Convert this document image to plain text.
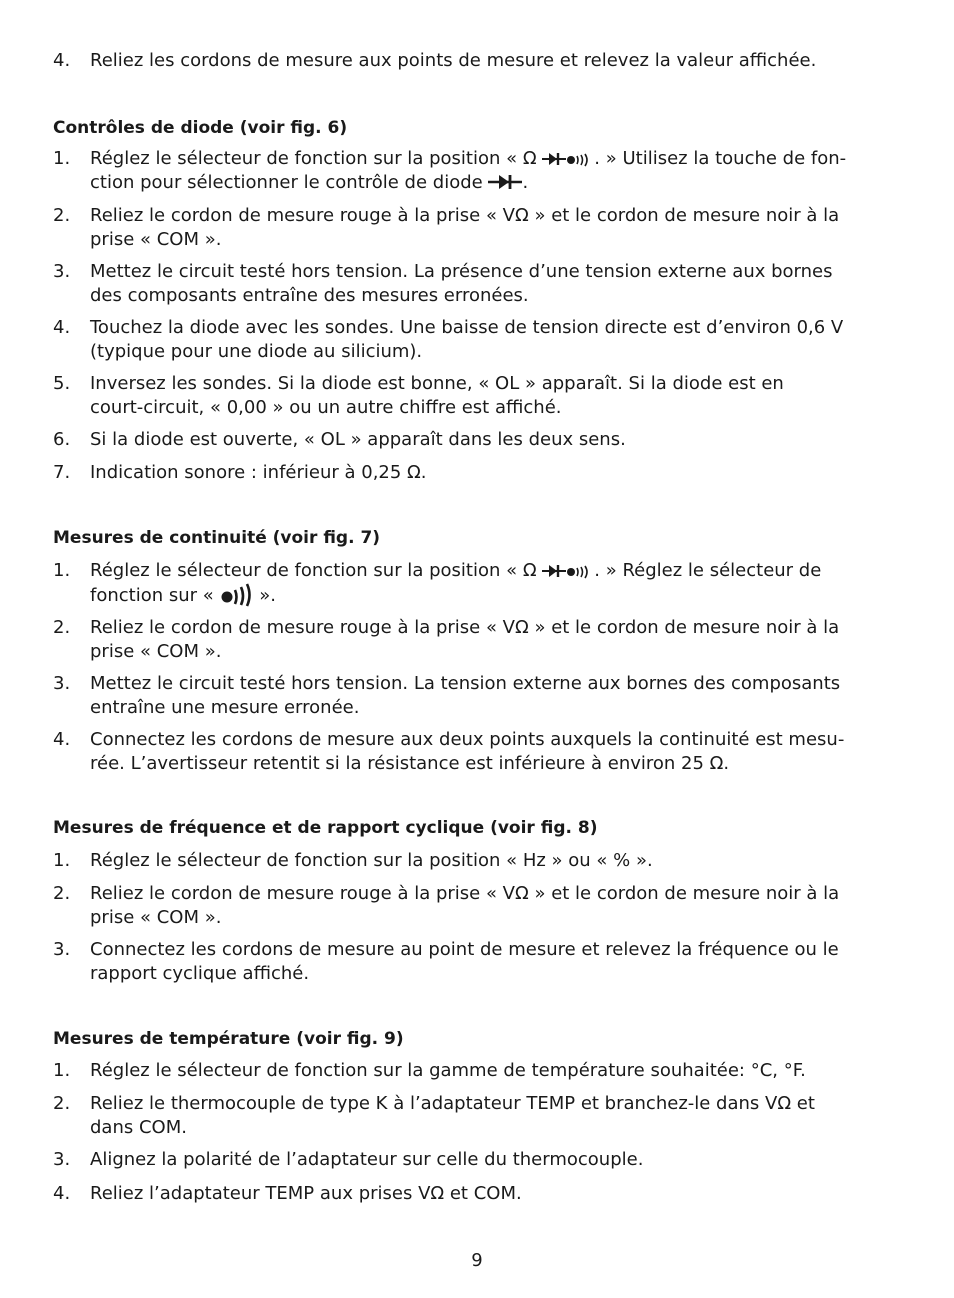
4.	Reliez les cordons de mesure aux points de mesure et relevez la valeur affichée.
Contrôles de diode (voir fig. 6)
1.	Réglez le sélecteur de fonction sur la position « Ω	. » Utilisez la touche de fon-
ction pour sélectionner le contrôle de diode .
2.	Reliez le cordon de mesure rouge à la prise « VΩ » et le cordon de mesure noir à la
prise « COM ».
3.	Mettez le circuit testé hors tension. La présence d’une tension externe aux bornes
des composants entraîne des mesures erronées.
4.	Touchez la diode avec les sondes. Une baisse de tension directe est d’environ 0,6 V
(typique pour une diode au silicium).
5.	Inversez les sondes. Si la diode est bonne, « OL » apparaît. Si la diode est en
court-circuit, « 0,00 » ou un autre chiffre est affiché.
6.	Si la diode est ouverte, « OL » apparaît dans les deux sens.
7.	Indication sonore : inférieur à 0,25 Ω.
Mesures de continuité (voir fig. 7)
1.	Réglez le sélecteur de fonction sur la position « Ω	. » Réglez le sélecteur de
fonction sur «  ».
2.	Reliez le cordon de mesure rouge à la prise « VΩ » et le cordon de mesure noir à la
prise « COM ».
3.	Mettez le circuit testé hors tension. La tension externe aux bornes des composants
entraîne une mesure erronée.
4.	Connectez les cordons de mesure aux deux points auxquels la continuité est mesu-
rée. L’avertisseur retentit si la résistance est inférieure à environ 25 Ω.
Mesures de fréquence et de rapport cyclique (voir fig. 8)
1.	Réglez le sélecteur de fonction sur la position « Hz » ou « % ».
2.	Reliez le cordon de mesure rouge à la prise « VΩ » et le cordon de mesure noir à la
prise « COM ».
3.	Connectez les cordons de mesure au point de mesure et relevez la fréquence ou le
rapport cyclique affiché.
Mesures de température (voir fig. 9)
1.	Réglez le sélecteur de fonction sur la gamme de température souhaitée: °C, °F.
2.	Reliez le thermocouple de type K à l’adaptateur TEMP et branchez-le dans VΩ et
dans COM.
3.	Alignez la polarité de l’adaptateur sur celle du thermocouple.
4.	Reliez l’adaptateur TEMP aux prises VΩ et COM.
9
